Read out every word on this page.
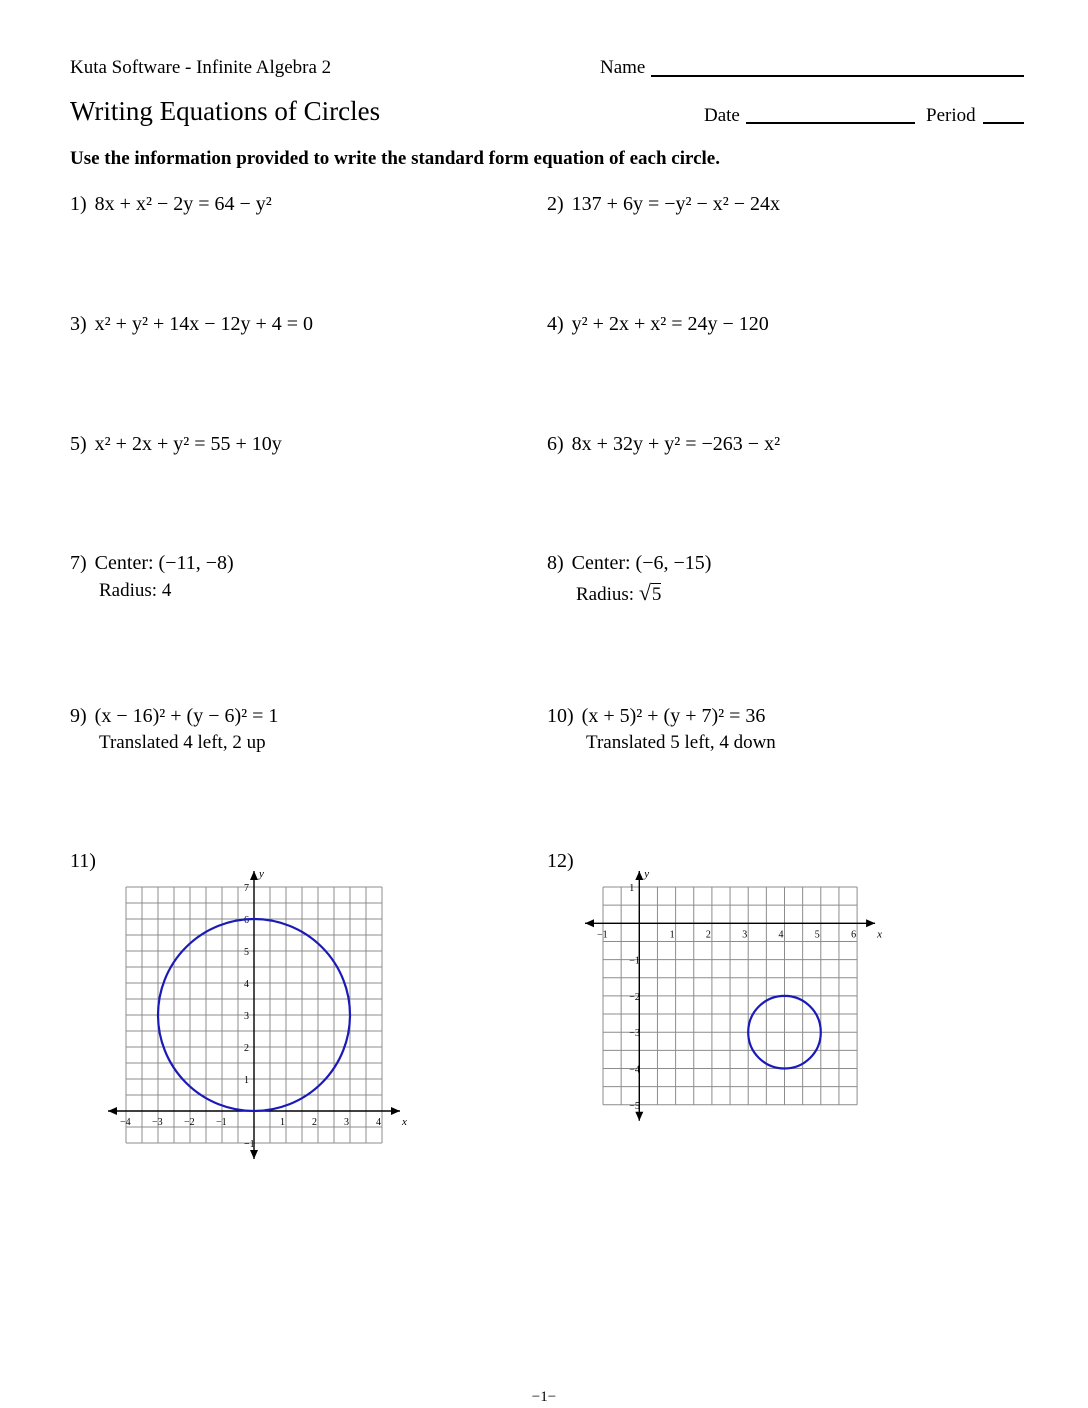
Kuta Software - Infinite Algebra 2	Name
Writing Equations of Circles	Date	Period
Use the information provided to write the standard form equation of each circle.
1) 8x + x² − 2y = 64 − y²	2) 137 + 6y = −y² − x² − 24x
3) x² + y² + 14x − 12y + 4 = 0	4) y² + 2x + x² = 24y − 120
5) x² + 2x + y² = 55 + 10y	6) 8x + 32y + y² = −263 − x²
7) Center: (−11, −8)
Radius: 4
8) Center: (−6, −15)
Radius: √5
9) (x − 16)² + (y − 6)² = 1
Translated 4 left, 2 up
10) (x + 5)² + (y + 7)² = 36
Translated 5 left, 4 down
11)	12)
x
y
−4 −3 −2 −1	1	2	3	4
−1
1
2
3
4
5
6
7
x
y
−1	1	2	3	4	5	6
1
−1
−2
−3
−4
−5
−1−
